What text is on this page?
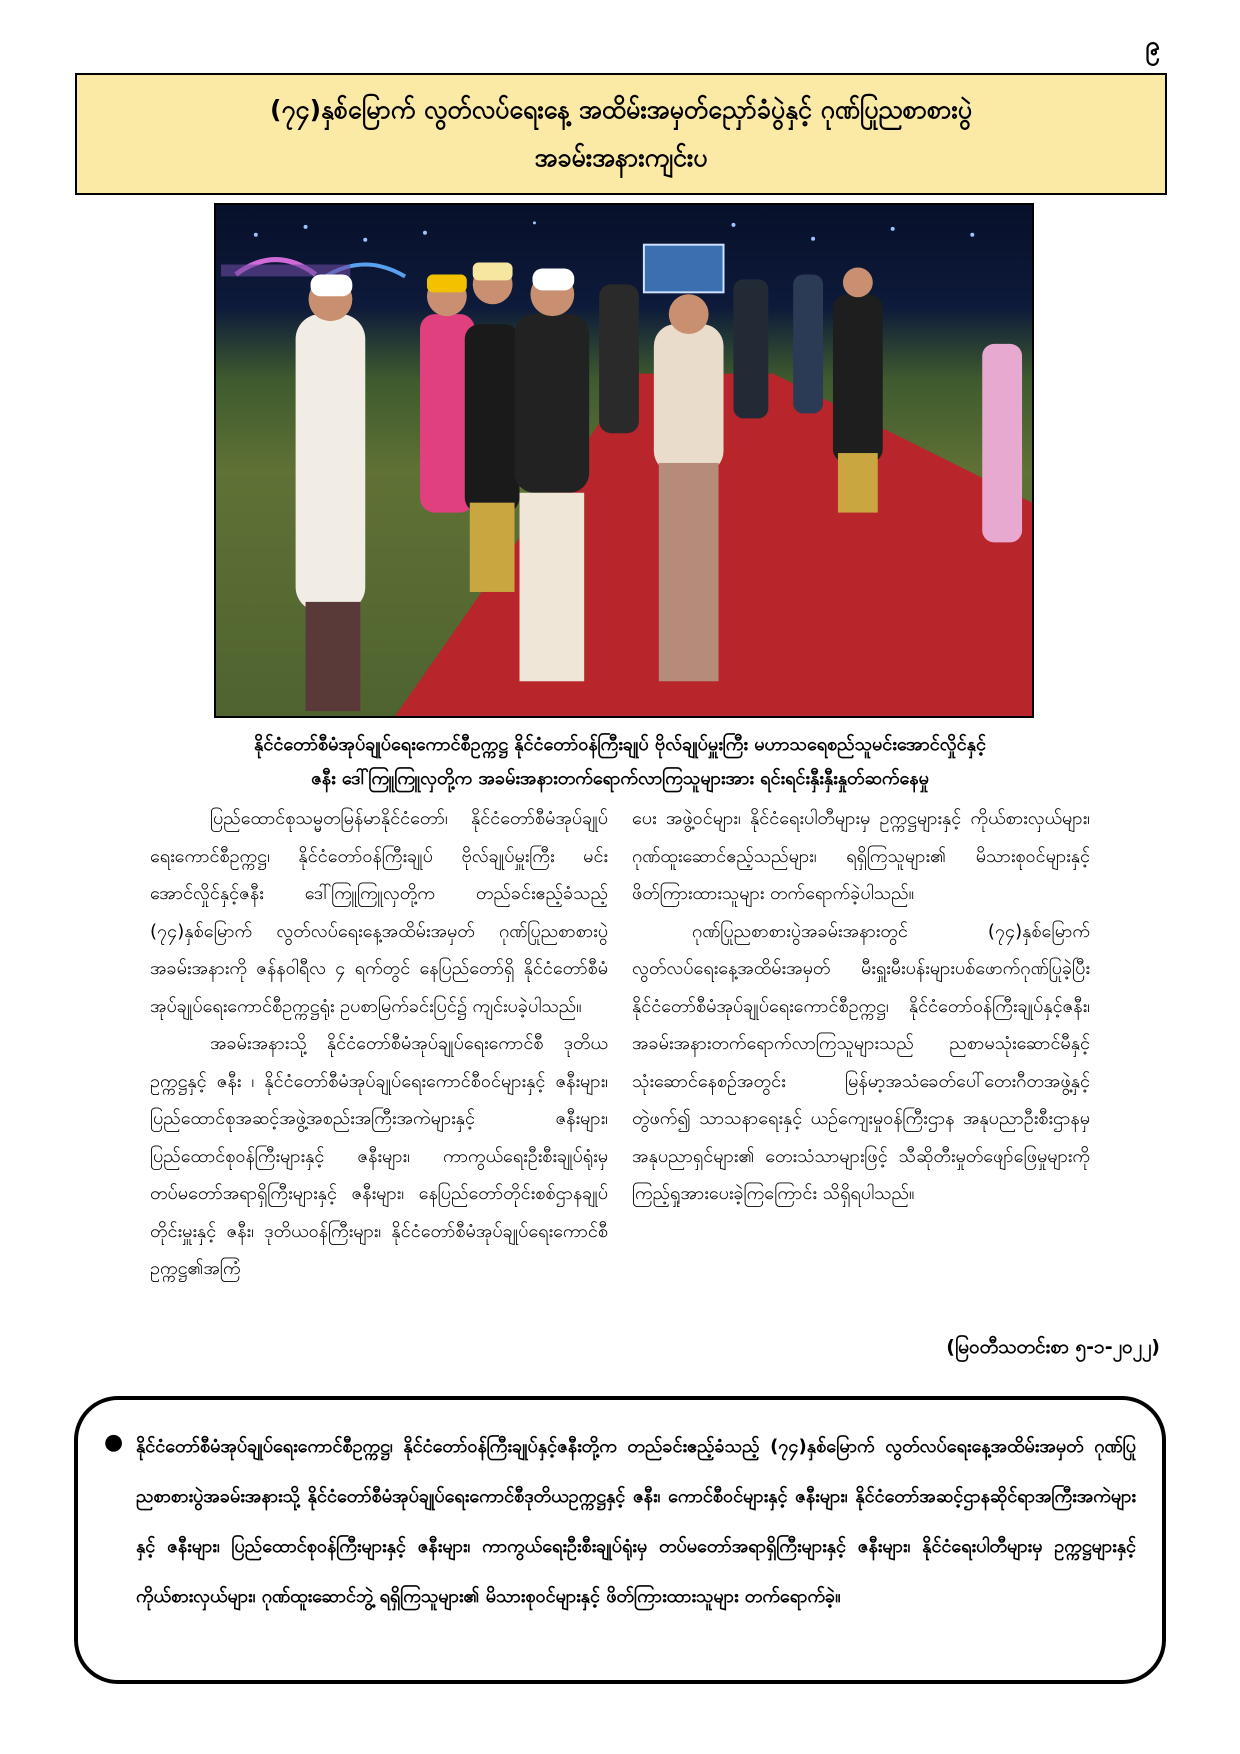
၉
(၇၄)နှစ်မြောက် လွတ်လပ်ရေးနေ့ အထိမ်းအမှတ်ညှော်ခံပွဲနှင့် ဂုဏ်ပြုညစာစားပွဲ
အခမ်းအနားကျင်းပ
နိုင်ငံတော်စီမံအုပ်ချုပ်ရေးကောင်စီဥက္ကဋ္ဌ နိုင်ငံတော်ဝန်ကြီးချုပ် ဗိုလ်ချုပ်မှူးကြီး မဟာသရေစည်သူမင်းအောင်လှိုင်နှင့်
ဇနီး ဒေါ်ကြူကြူလှတို့က အခမ်းအနားတက်ရောက်လာကြသူများအား ရင်းရင်းနှီးနှီးနှုတ်ဆက်နေမှု

ပြည်ထောင်စုသမ္မတမြန်မာနိုင်ငံတော်၊ နိုင်ငံတော်စီမံအုပ်ချုပ်ရေးကောင်စီဥက္ကဋ္ဌ၊ နိုင်ငံတော်ဝန်ကြီးချုပ် ဗိုလ်ချုပ်မှူးကြီး မင်းအောင်လှိုင်နှင့်ဇနီး ဒေါ်ကြူကြူလှတို့က တည်ခင်းဧည့်ခံသည့် (၇၄)နှစ်မြောက် လွတ်လပ်ရေးနေ့အထိမ်းအမှတ် ဂုဏ်ပြုညစာစားပွဲအခမ်းအနားကို ဇန်နဝါရီလ ၄ ရက်တွင် နေပြည်တော်ရှိ နိုင်ငံတော်စီမံအုပ်ချုပ်ရေးကောင်စီဥက္ကဋ္ဌရုံး ဥပစာမြက်ခင်းပြင်၌ ကျင်းပခဲ့ပါသည်။

အခမ်းအနားသို့ နိုင်ငံတော်စီမံအုပ်ချုပ်ရေးကောင်စီ ဒုတိယဥက္ကဋ္ဌနှင့် ဇနီး ၊ နိုင်ငံတော်စီမံအုပ်ချုပ်ရေးကောင်စီဝင်များနှင့် ဇနီးများ၊ ပြည်ထောင်စုအဆင့်အဖွဲ့အစည်းအကြီးအကဲများနှင့် ဇနီးများ၊ ပြည်ထောင်စုဝန်ကြီးများနှင့် ဇနီးများ၊ ကာကွယ်ရေးဦးစီးချုပ်ရုံးမှ တပ်မတော်အရာရှိကြီးများနှင့် ဇနီးများ၊ နေပြည်တော်တိုင်းစစ်ဌာနချုပ်တိုင်းမှူးနှင့် ဇနီး၊ ဒုတိယဝန်ကြီးများ၊ နိုင်ငံတော်စီမံအုပ်ချုပ်ရေးကောင်စီဥက္ကဋ္ဌ၏အကြံ

ပေး အဖွဲ့ဝင်များ၊ နိုင်ငံရေးပါတီများမှ ဥက္ကဋ္ဌများနှင့် ကိုယ်စားလှယ်များ၊ ဂုဏ်ထူးဆောင်ဧည့်သည်များ၊ ရရှိကြသူများ၏ မိသားစုဝင်များနှင့် ဖိတ်ကြားထားသူများ တက်ရောက်ခဲ့ပါသည်။

ဂုဏ်ပြုညစာစားပွဲအခမ်းအနားတွင် (၇၄)နှစ်မြောက် လွတ်လပ်ရေးနေ့အထိမ်းအမှတ် မီးရှူးမီးပန်းများပစ်ဖောက်ဂုဏ်ပြုခဲ့ပြီး နိုင်ငံတော်စီမံအုပ်ချုပ်ရေးကောင်စီဥက္ကဋ္ဌ၊ နိုင်ငံတော်ဝန်ကြီးချုပ်နှင့်ဇနီး၊ အခမ်းအနားတက်ရောက်လာကြသူများသည် ညစာမသုံးဆောင်မီနှင့် သုံးဆောင်နေစဉ်အတွင်း မြန်မာ့အသံခေတ်ပေါ်တေးဂီတအဖွဲ့နှင့်တွဲဖက်၍ သာသနာရေးနှင့် ယဉ်ကျေးမှုဝန်ကြီးဌာန အနုပညာဦးစီးဌာနမှ အနုပညာရှင်များ၏ တေးသံသာများဖြင့် သီဆိုတီးမှုတ်ဖျော်ဖြေမှုများကို ကြည့်ရှုအားပေးခဲ့ကြကြောင်း သိရှိရပါသည်။

(မြဝတီသတင်းစာ ၅-၁-၂၀၂၂)
● နိုင်ငံတော်စီမံအုပ်ချုပ်ရေးကောင်စီဥက္ကဋ္ဌ၊ နိုင်ငံတော်ဝန်ကြီးချုပ်နှင့်ဇနီးတို့က တည်ခင်းဧည့်ခံသည့် (၇၄)နှစ်မြောက် လွတ်လပ်ရေးနေ့အထိမ်းအမှတ် ဂုဏ်ပြုညစာစားပွဲအခမ်းအနားသို့ နိုင်ငံတော်စီမံအုပ်ချုပ်ရေးကောင်စီဒုတိယဥက္ကဋ္ဌနှင့် ဇနီး၊ ကောင်စီဝင်များနှင့် ဇနီးများ၊ နိုင်ငံတော်အဆင့်ဌာနဆိုင်ရာအကြီးအကဲများနှင့် ဇနီးများ၊ ပြည်ထောင်စုဝန်ကြီးများနှင့် ဇနီးများ၊ ကာကွယ်ရေးဦးစီးချုပ်ရုံးမှ တပ်မတော်အရာရှိကြီးများနှင့် ဇနီးများ၊ နိုင်ငံရေးပါတီများမှ ဥက္ကဋ္ဌများနှင့် ကိုယ်စားလှယ်များ၊ ဂုဏ်ထူးဆောင်ဘွဲ့ ရရှိကြသူများ၏ မိသားစုဝင်များနှင့် ဖိတ်ကြားထားသူများ တက်ရောက်ခဲ့။
